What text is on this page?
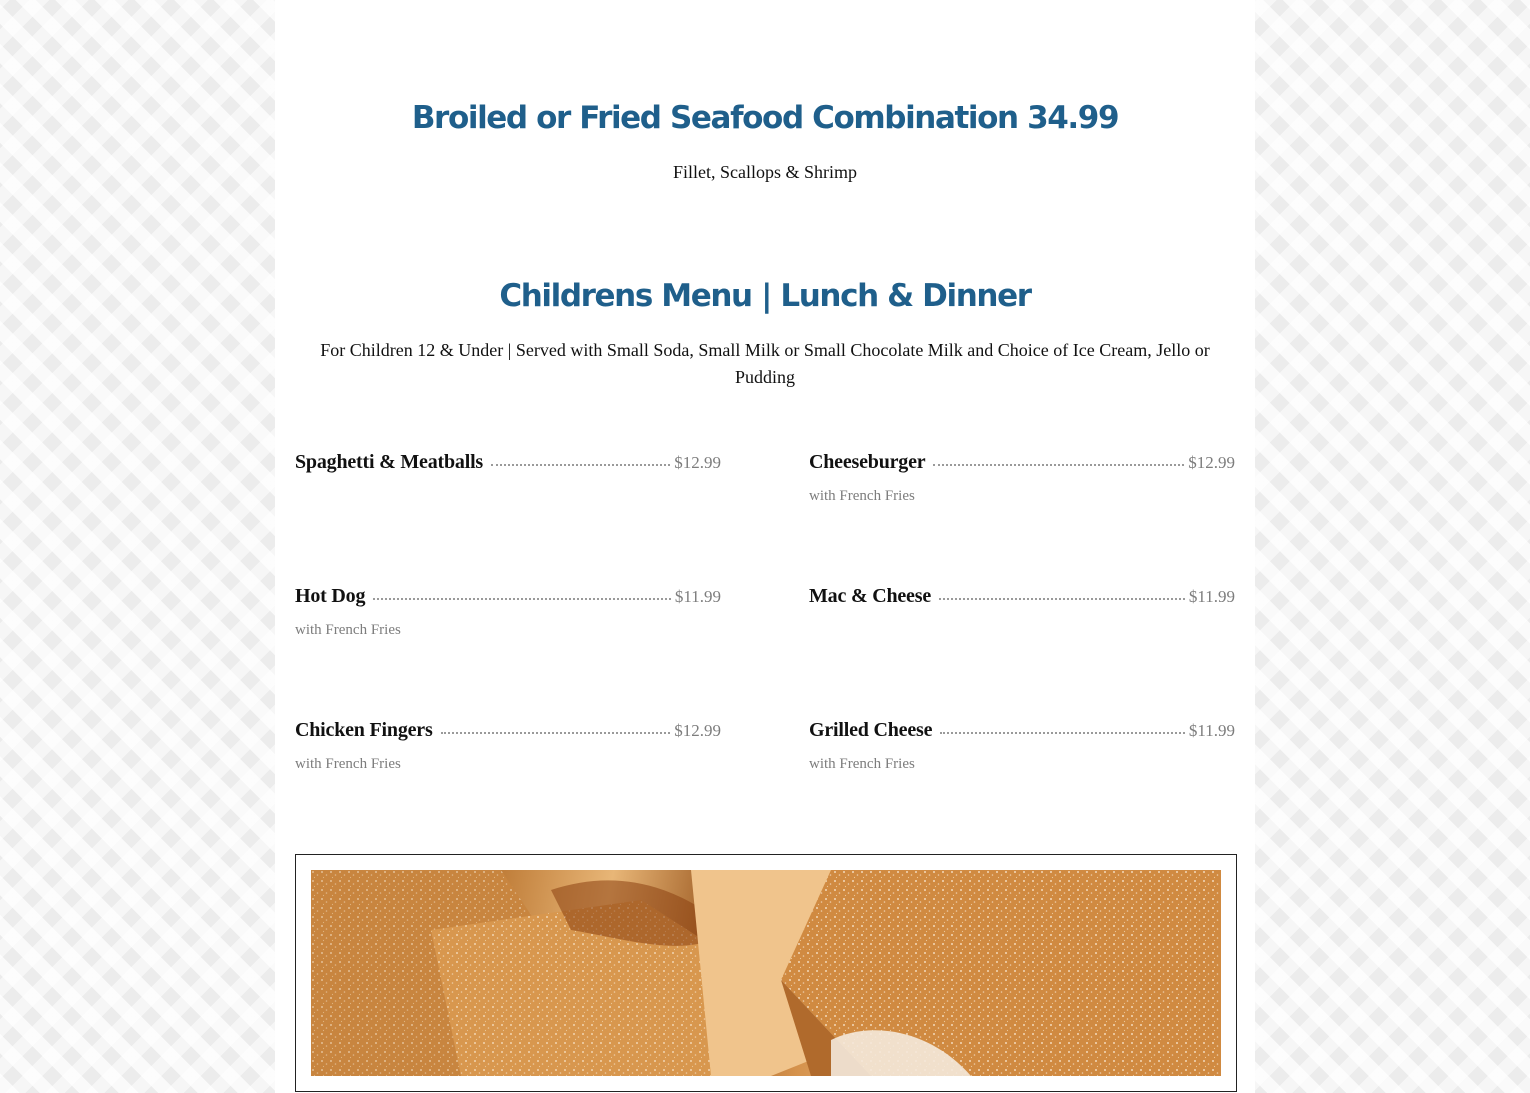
Broiled or Fried Seafood Combination 34.99

Fillet, Scallops & Shrimp

Childrens Menu | Lunch & Dinner

For Children 12 & Under | Served with Small Soda, Small Milk or Small Chocolate Milk and Choice of Ice Cream, Jello or Pudding

Spaghetti & Meatballs	$12.99	Cheeseburger	$12.99
with French Fries
Hot Dog	$11.99
with French Fries
Mac & Cheese	$11.99
Chicken Fingers	$12.99
with French Fries
Grilled Cheese	$11.99
with French Fries
